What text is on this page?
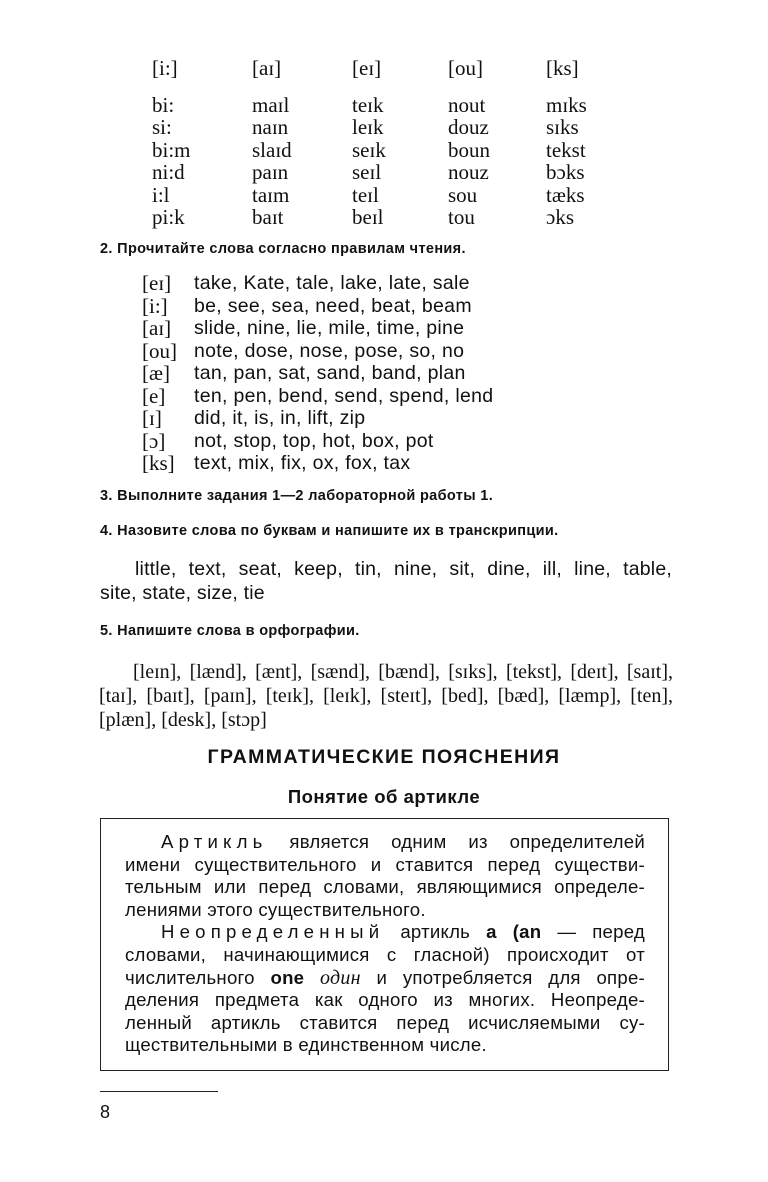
[i:]
bi:
si:
bi:m
ni:d
i:l
pi:k
[aɪ]
maɪl
naɪn
slaɪd
paɪn
taɪm
baɪt
[eɪ]
teɪk
leɪk
seɪk
seɪl
teɪl
beɪl
[ou]
nout
douz
boun
nouz
sou
tou
[ks]
mɪks
sɪks
tekst
bɔks
tæks
ɔks
2. Прочитайте слова согласно правилам чтения.
[eɪ] take, Kate, tale, lake, late, sale
[i:] be, see, sea, need, beat, beam
[aɪ] slide, nine, lie, mile, time, pine
[ou] note, dose, nose, pose, so, no
[æ] tan, pan, sat, sand, band, plan
[e] ten, pen, bend, send, spend, lend
[ɪ] did, it, is, in, lift, zip
[ɔ] not, stop, top, hot, box, pot
[ks] text, mix, fix, ox, fox, tax
3. Выполните задания 1—2 лабораторной работы 1.
4. Назовите слова по буквам и напишите их в транскрипции.
little, text, seat, keep, tin, nine, sit, dine, ill, line, table,
site, state, size, tie
5. Напишите слова в орфографии.
[leɪn], [lænd], [ænt], [sænd], [bænd], [sɪks], [tekst], [deɪt], [saɪt],
[taɪ], [baɪt], [paɪn], [teɪk], [leɪk], [steɪt], [bed], [bæd], [læmp], [ten],
[plæn], [desk], [stɔp]
ГРАММАТИЧЕСКИЕ ПОЯСНЕНИЯ
Понятие об артикле
Артикль является одним из определителей
имени существительного и ставится перед существи-
тельным или перед словами, являющимися определе-
лениями этого существительного.
Неопределенный артикль a (an — перед
словами, начинающимися с гласной) происходит от
числительного one один и употребляется для опре-
деления предмета как одного из многих. Неопреде-
ленный артикль ставится перед исчисляемыми су-
ществительными в единственном числе.
8
